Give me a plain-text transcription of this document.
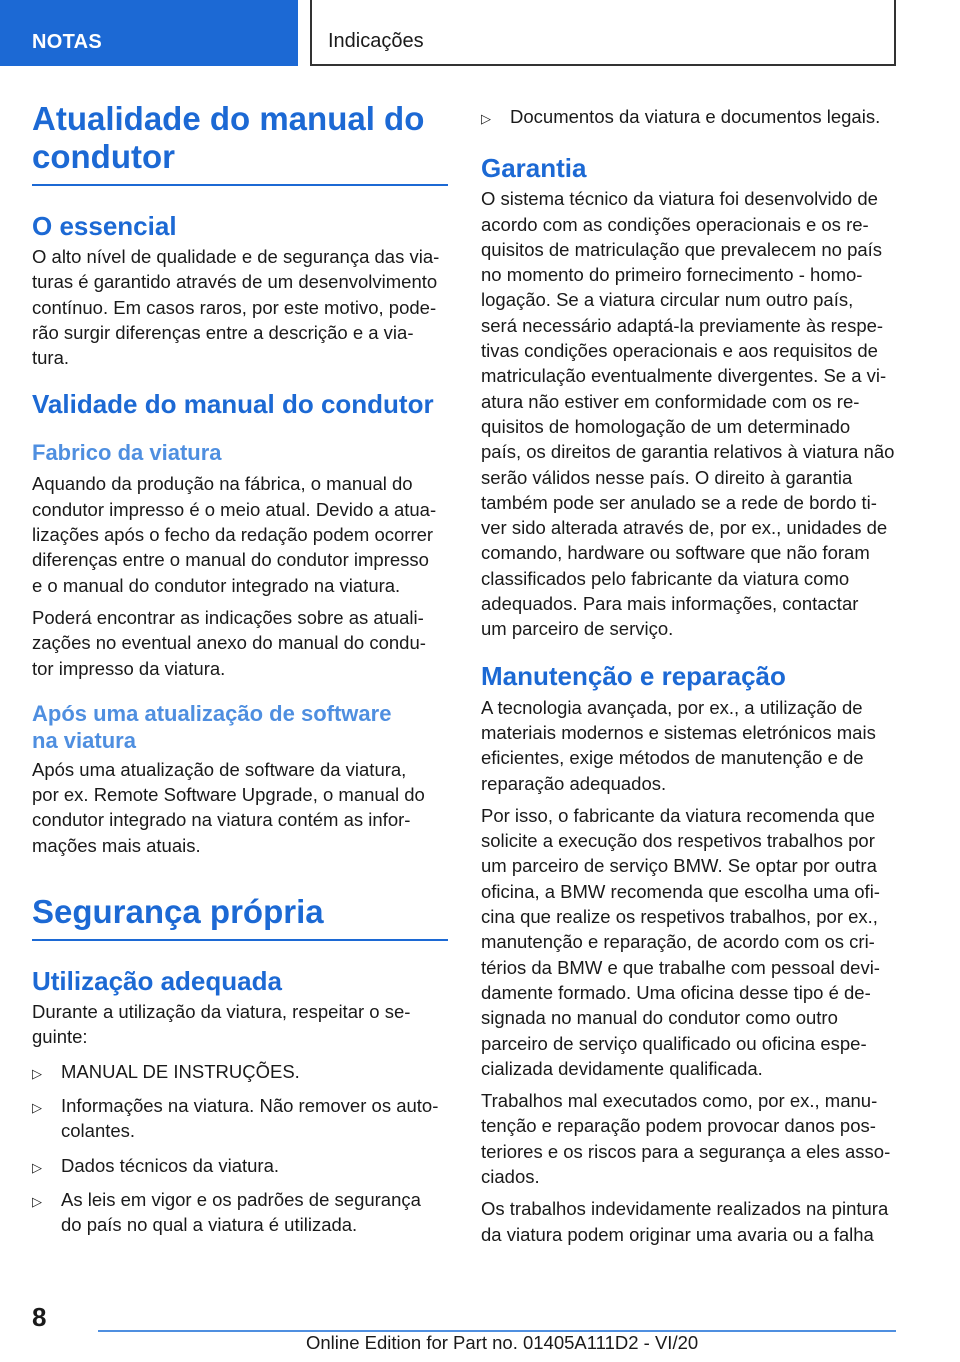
NOTAS	Indicações
Atualidade do manual do
condutor
O essencial
O alto nível de qualidade e de segurança das via‐
turas é garantido através de um desenvolvimento
contínuo. Em casos raros, por este motivo, pode‐
rão surgir diferenças entre a descrição e a via‐
tura.
Validade do manual do condutor
Fabrico da viatura
Aquando da produção na fábrica, o manual do
condutor impresso é o meio atual. Devido a atua‐
lizações após o fecho da redação podem ocorrer
diferenças entre o manual do condutor impresso
e o manual do condutor integrado na viatura.
Poderá encontrar as indicações sobre as atuali‐
zações no eventual anexo do manual do condu‐
tor impresso da viatura.
Após uma atualização de software
na viatura
Após uma atualização de software da viatura,
por ex. Remote Software Upgrade, o manual do
condutor integrado na viatura contém as infor‐
mações mais atuais.
Segurança própria
Utilização adequada
Durante a utilização da viatura, respeitar o se‐
guinte:
▷ MANUAL DE INSTRUÇÕES.
▷ Informações na viatura. Não remover os auto‐
colantes.
▷ Dados técnicos da viatura.
▷ As leis em vigor e os padrões de segurança
do país no qual a viatura é utilizada.
▷ Documentos da viatura e documentos legais.
Garantia
O sistema técnico da viatura foi desenvolvido de
acordo com as condições operacionais e os re‐
quisitos de matriculação que prevalecem no país
no momento do primeiro fornecimento ‑ homo‐
logação. Se a viatura circular num outro país,
será necessário adaptá-la previamente às respe‐
tivas condições operacionais e aos requisitos de
matriculação eventualmente divergentes. Se a vi‐
atura não estiver em conformidade com os re‐
quisitos de homologação de um determinado
país, os direitos de garantia relativos à viatura não
serão válidos nesse país. O direito à garantia
também pode ser anulado se a rede de bordo ti‐
ver sido alterada através de, por ex., unidades de
comando, hardware ou software que não foram
classificados pelo fabricante da viatura como
adequados. Para mais informações, contactar
um parceiro de serviço.
Manutenção e reparação
A tecnologia avançada, por ex., a utilização de
materiais modernos e sistemas eletrónicos mais
eficientes, exige métodos de manutenção e de
reparação adequados.
Por isso, o fabricante da viatura recomenda que
solicite a execução dos respetivos trabalhos por
um parceiro de serviço BMW. Se optar por outra
oficina, a BMW recomenda que escolha uma ofi‐
cina que realize os respetivos trabalhos, por ex.,
manutenção e reparação, de acordo com os cri‐
térios da BMW e que trabalhe com pessoal devi‐
damente formado. Uma oficina desse tipo é de‐
signada no manual do condutor como outro
parceiro de serviço qualificado ou oficina espe‐
cializada devidamente qualificada.
Trabalhos mal executados como, por ex., manu‐
tenção e reparação podem provocar danos pos‐
teriores e os riscos para a segurança a eles asso‐
ciados.
Os trabalhos indevidamente realizados na pintura
da viatura podem originar uma avaria ou a falha
8
Online Edition for Part no. 01405A111D2 - VI/20
